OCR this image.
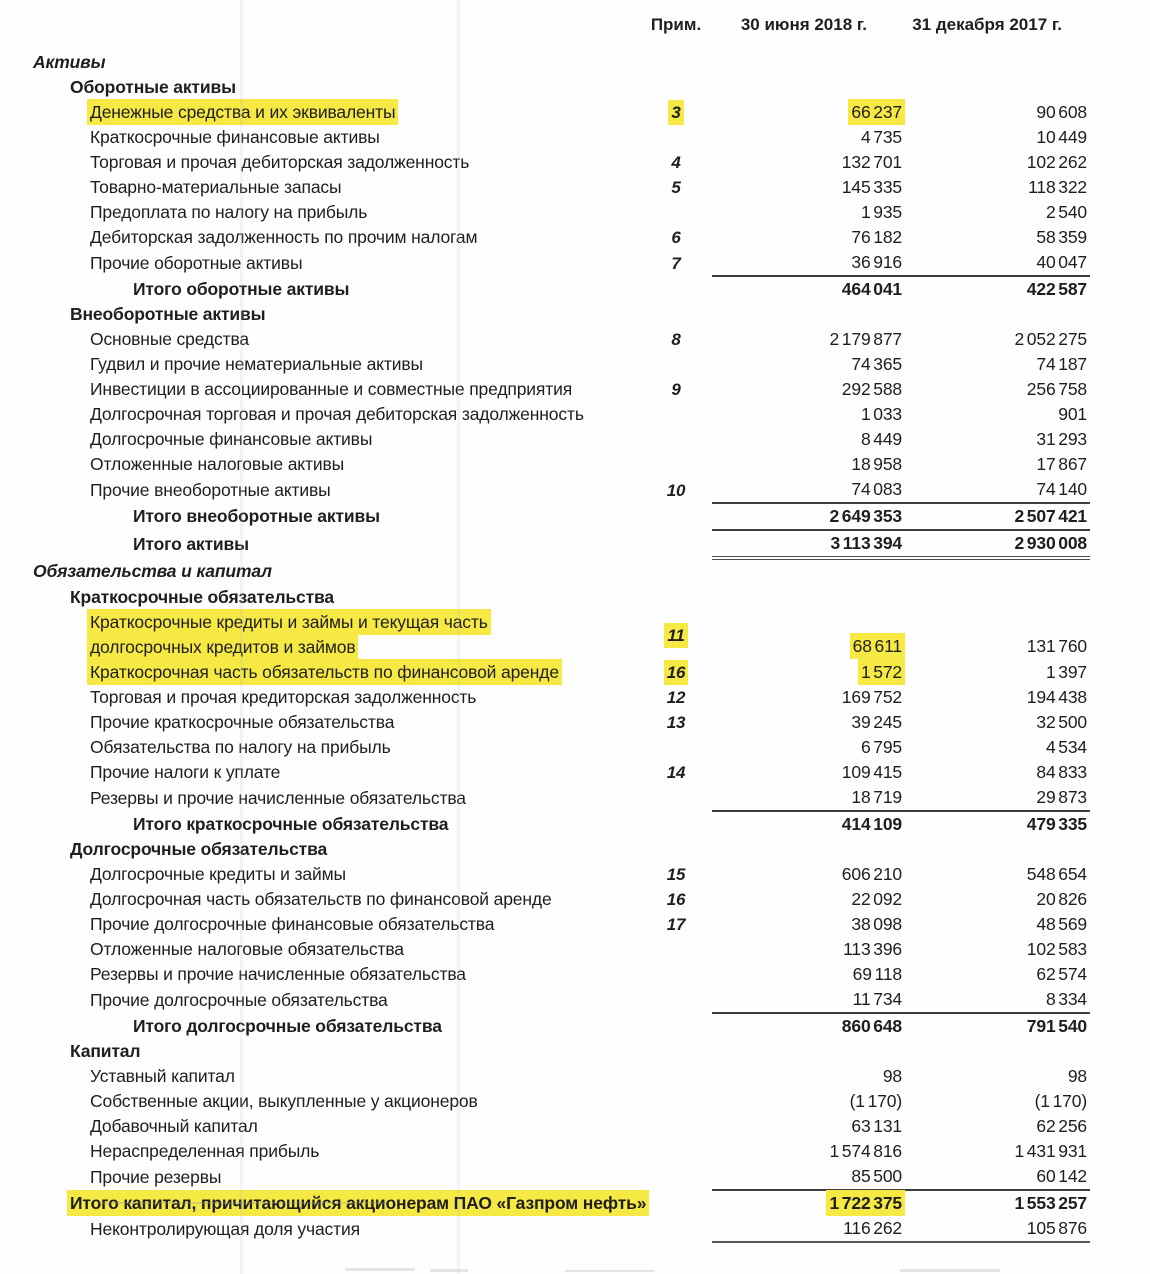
	Прим.	30 июня 2018 г.	31 декабря 2017 г.
Активы			
Оборотные активы			
Денежные средства и их эквиваленты	3	66 237	90 608
Краткосрочные финансовые активы		4 735	10 449
Торговая и прочая дебиторская задолженность	4	132 701	102 262
Товарно-материальные запасы	5	145 335	118 322
Предоплата по налогу на прибыль		1 935	2 540
Дебиторская задолженность по прочим налогам	6	76 182	58 359
Прочие оборотные активы	7	36 916	40 047
Итого оборотные активы		464 041	422 587
Внеоборотные активы			
Основные средства	8	2 179 877	2 052 275
Гудвил и прочие нематериальные активы		74 365	74 187
Инвестиции в ассоциированные и совместные предприятия	9	292 588	256 758
Долгосрочная торговая и прочая дебиторская задолженность		1 033	901
Долгосрочные финансовые активы		8 449	31 293
Отложенные налоговые активы		18 958	17 867
Прочие внеоборотные активы	10	74 083	74 140
Итого внеоборотные активы		2 649 353	2 507 421
Итого активы		3 113 394	2 930 008
Обязательства и капитал			
Краткосрочные обязательства			
Краткосрочные кредиты и займы и текущая часть	11	68 611	131 760
долгосрочных кредитов и займов			
Краткосрочная часть обязательств по финансовой аренде	16	1 572	1 397
Торговая и прочая кредиторская задолженность	12	169 752	194 438
Прочие краткосрочные обязательства	13	39 245	32 500
Обязательства по налогу на прибыль		6 795	4 534
Прочие налоги к уплате	14	109 415	84 833
Резервы и прочие начисленные обязательства		18 719	29 873
Итого краткосрочные обязательства		414 109	479 335
Долгосрочные обязательства			
Долгосрочные кредиты и займы	15	606 210	548 654
Долгосрочная часть обязательств по финансовой аренде	16	22 092	20 826
Прочие долгосрочные финансовые обязательства	17	38 098	48 569
Отложенные налоговые обязательства		113 396	102 583
Резервы и прочие начисленные обязательства		69 118	62 574
Прочие долгосрочные обязательства		11 734	8 334
Итого долгосрочные обязательства		860 648	791 540
Капитал			
Уставный капитал		98	98
Собственные акции, выкупленные у акционеров		(1 170)	(1 170)
Добавочный капитал		63 131	62 256
Нераспределенная прибыль		1 574 816	1 431 931
Прочие резервы		85 500	60 142
Итого капитал, причитающийся акционерам ПАО «Газпром нефть»		1 722 375	1 553 257
Неконтролирующая доля участия		116 262	105 876
